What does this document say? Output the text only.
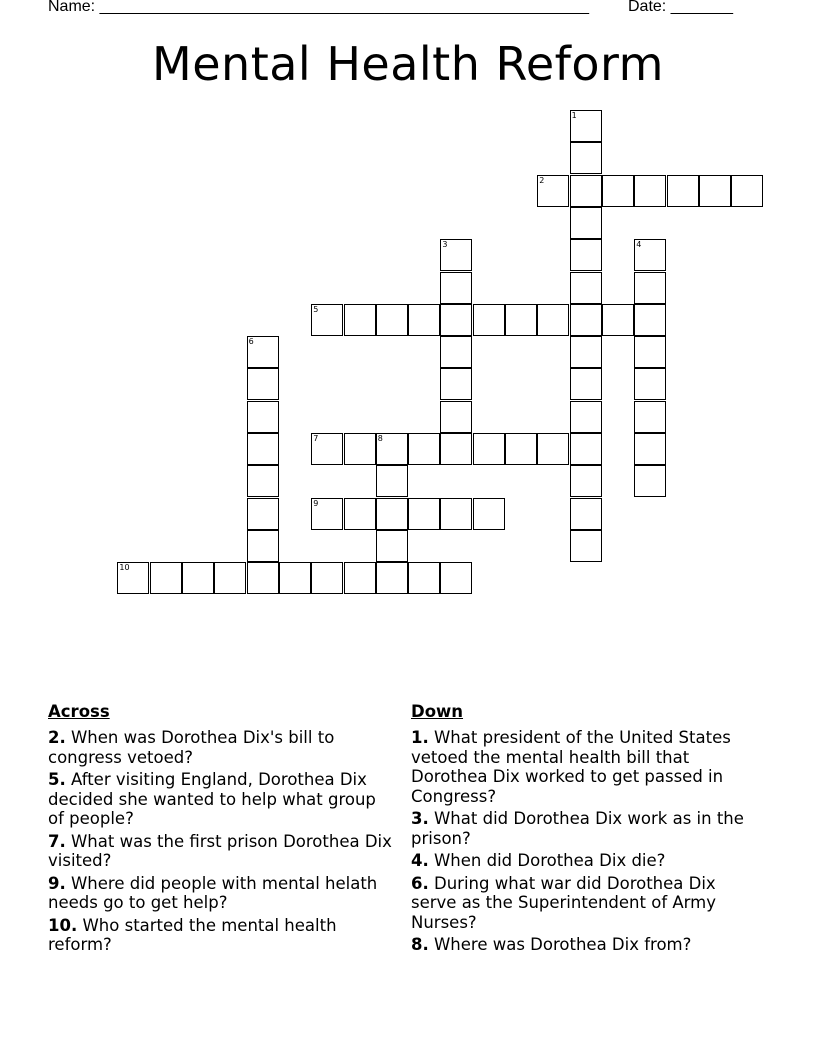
Name: _______________________________________________________ Date: _______
Mental Health Reform
1
2
3	4
5
6
7	8
9
10
Across
2. When was Dorothea Dix's bill to congress vetoed?
5. After visiting England, Dorothea Dix decided she wanted to help what group of people?
7. What was the first prison Dorothea Dix visited?
9. Where did people with mental helath needs go to get help?
10. Who started the mental health reform?
Down
1. What president of the United States vetoed the mental health bill that Dorothea Dix worked to get passed in Congress?
3. What did Dorothea Dix work as in the prison?
4. When did Dorothea Dix die?
6. During what war did Dorothea Dix serve as the Superintendent of Army Nurses?
8. Where was Dorothea Dix from?
